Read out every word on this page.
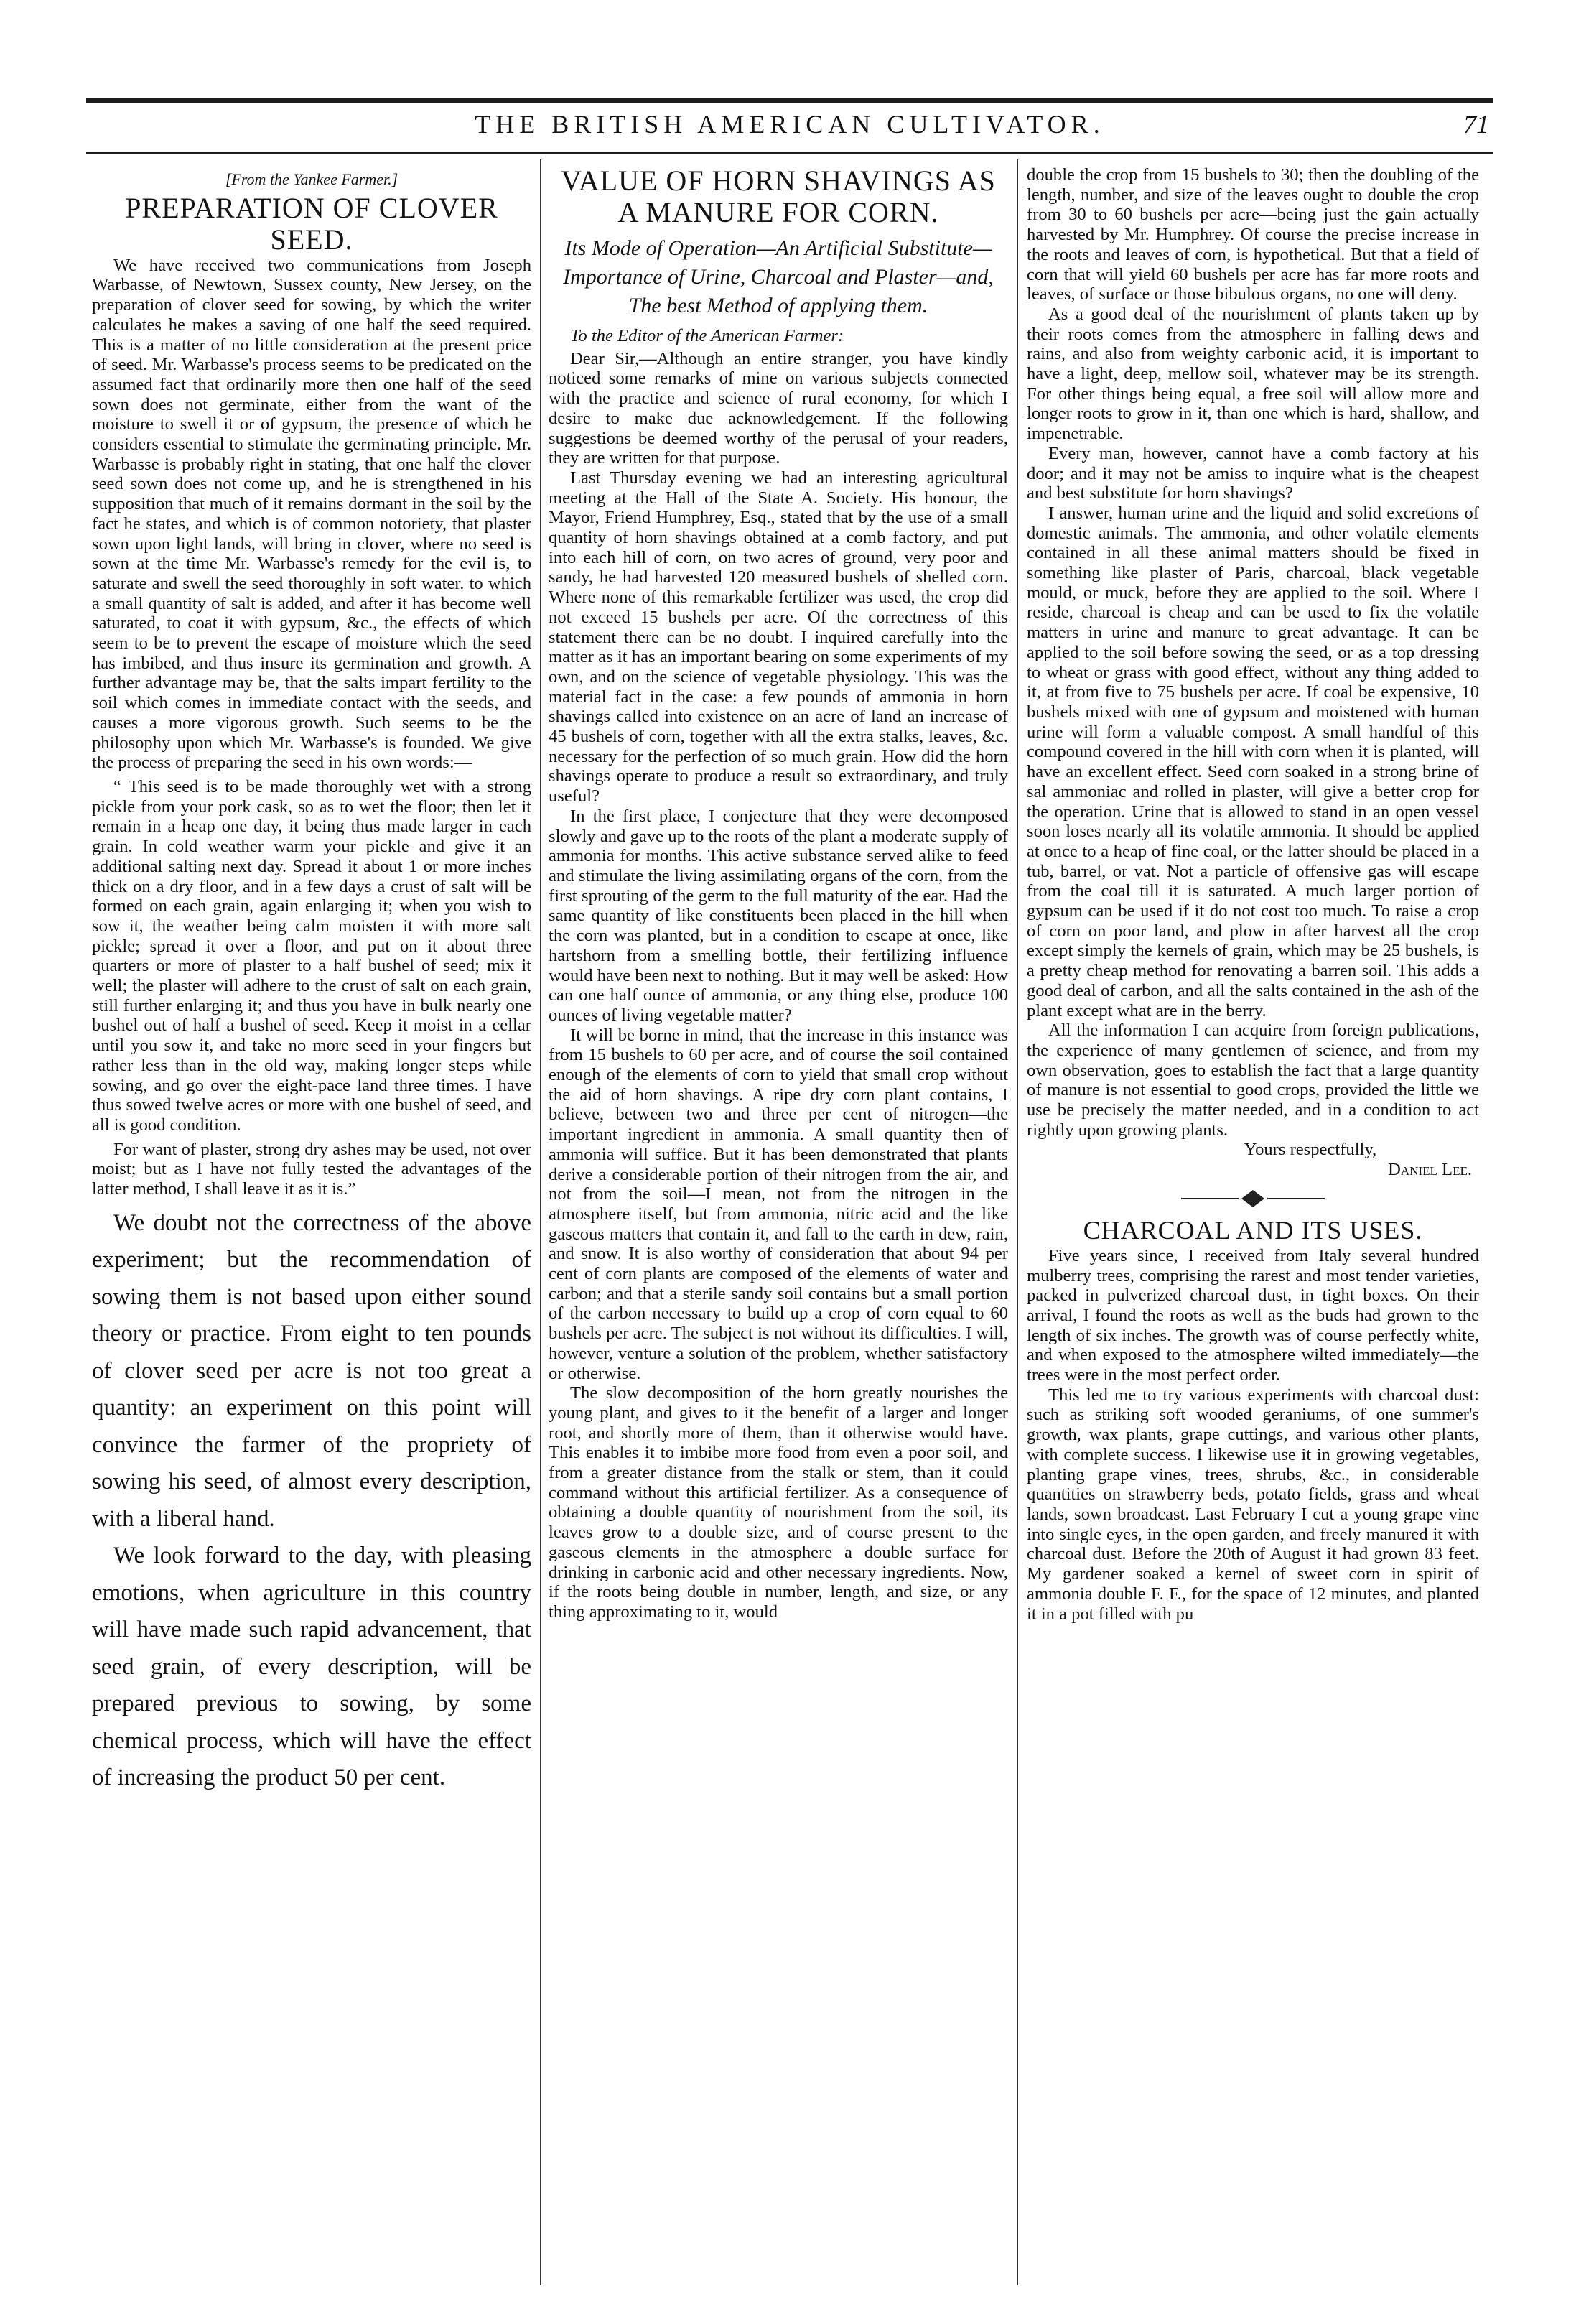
THE BRITISH AMERICAN CULTIVATOR.	71

[From the Yankee Farmer.]

PREPARATION OF CLOVER SEED.

We have received two communications from Joseph Warbasse, of Newtown, Sussex county, New Jersey, on the preparation of clover seed for sowing, by which the writer calculates he makes a saving of one half the seed required. This is a matter of no little consideration at the present price of seed. Mr. Warbasse's process seems to be predicated on the assumed fact that ordinarily more then one half of the seed sown does not germinate, either from the want of the moisture to swell it or of gypsum, the presence of which he considers essential to stimulate the germinating principle. Mr. Warbasse is probably right in stating, that one half the clover seed sown does not come up, and he is strengthened in his supposition that much of it remains dormant in the soil by the fact he states, and which is of common notoriety, that plaster sown upon light lands, will bring in clover, where no seed is sown at the time Mr. Warbasse's remedy for the evil is, to saturate and swell the seed thoroughly in soft water. to which a small quantity of salt is added, and after it has become well saturated, to coat it with gypsum, &c., the effects of which seem to be to prevent the escape of moisture which the seed has imbibed, and thus insure its germination and growth. A further advantage may be, that the salts impart fertility to the soil which comes in immediate contact with the seeds, and causes a more vigorous growth. Such seems to be the philosophy upon which Mr. Warbasse's is founded. We give the process of preparing the seed in his own words:—

“ This seed is to be made thoroughly wet with a strong pickle from your pork cask, so as to wet the floor; then let it remain in a heap one day, it being thus made larger in each grain. In cold weather warm your pickle and give it an additional salting next day. Spread it about 1 or more inches thick on a dry floor, and in a few days a crust of salt will be formed on each grain, again enlarging it; when you wish to sow it, the weather being calm moisten it with more salt pickle; spread it over a floor, and put on it about three quarters or more of plaster to a half bushel of seed; mix it well; the plaster will adhere to the crust of salt on each grain, still further enlarging it; and thus you have in bulk nearly one bushel out of half a bushel of seed. Keep it moist in a cellar until you sow it, and take no more seed in your fingers but rather less than in the old way, making longer steps while sowing, and go over the eight-pace land three times. I have thus sowed twelve acres or more with one bushel of seed, and all is good condition.

For want of plaster, strong dry ashes may be used, not over moist; but as I have not fully tested the advantages of the latter method, I shall leave it as it is.”

We doubt not the correctness of the above experiment; but the recommendation of sowing them is not based upon either sound theory or practice. From eight to ten pounds of clover seed per acre is not too great a quantity: an experiment on this point will convince the farmer of the propriety of sowing his seed, of almost every description, with a liberal hand.

We look forward to the day, with pleasing emotions, when agriculture in this country will have made such rapid advancement, that seed grain, of every description, will be prepared previous to sowing, by some chemical process, which will have the effect of increasing the product 50 per cent.

VALUE OF HORN SHAVINGS AS A MANURE FOR CORN.

Its Mode of Operation—An Artificial Substitute—Importance of Urine, Charcoal and Plaster—and, The best Method of applying them.

To the Editor of the American Farmer:

Dear Sir,—Although an entire stranger, you have kindly noticed some remarks of mine on various subjects connected with the practice and science of rural economy, for which I desire to make due acknowledgement. If the following suggestions be deemed worthy of the perusal of your readers, they are written for that purpose.

Last Thursday evening we had an interesting agricultural meeting at the Hall of the State A. Society. His honour, the Mayor, Friend Humphrey, Esq., stated that by the use of a small quantity of horn shavings obtained at a comb factory, and put into each hill of corn, on two acres of ground, very poor and sandy, he had harvested 120 measured bushels of shelled corn. Where none of this remarkable fertilizer was used, the crop did not exceed 15 bushels per acre. Of the correctness of this statement there can be no doubt. I inquired carefully into the matter as it has an important bearing on some experiments of my own, and on the science of vegetable physiology. This was the material fact in the case: a few pounds of ammonia in horn shavings called into existence on an acre of land an increase of 45 bushels of corn, together with all the extra stalks, leaves, &c. necessary for the perfection of so much grain. How did the horn shavings operate to produce a result so extraordinary, and truly useful?

In the first place, I conjecture that they were decomposed slowly and gave up to the roots of the plant a moderate supply of ammonia for months. This active substance served alike to feed and stimulate the living assimilating organs of the corn, from the first sprouting of the germ to the full maturity of the ear. Had the same quantity of like constituents been placed in the hill when the corn was planted, but in a condition to escape at once, like hartshorn from a smelling bottle, their fertilizing influence would have been next to nothing. But it may well be asked: How can one half ounce of ammonia, or any thing else, produce 100 ounces of living vegetable matter?

It will be borne in mind, that the increase in this instance was from 15 bushels to 60 per acre, and of course the soil contained enough of the elements of corn to yield that small crop without the aid of horn shavings. A ripe dry corn plant contains, I believe, between two and three per cent of nitrogen—the important ingredient in ammonia. A small quantity then of ammonia will suffice. But it has been demonstrated that plants derive a considerable portion of their nitrogen from the air, and not from the soil—I mean, not from the nitrogen in the atmosphere itself, but from ammonia, nitric acid and the like gaseous matters that contain it, and fall to the earth in dew, rain, and snow. It is also worthy of consideration that about 94 per cent of corn plants are composed of the elements of water and carbon; and that a sterile sandy soil contains but a small portion of the carbon necessary to build up a crop of corn equal to 60 bushels per acre. The subject is not without its difficulties. I will, however, venture a solution of the problem, whether satisfactory or otherwise.

The slow decomposition of the horn greatly nourishes the young plant, and gives to it the benefit of a larger and longer root, and shortly more of them, than it otherwise would have. This enables it to imbibe more food from even a poor soil, and from a greater distance from the stalk or stem, than it could command without this artificial fertilizer. As a consequence of obtaining a double quantity of nourishment from the soil, its leaves grow to a double size, and of course present to the gaseous elements in the atmosphere a double surface for drinking in carbonic acid and other necessary ingredients. Now, if the roots being double in number, length, and size, or any thing approximating to it, would

double the crop from 15 bushels to 30; then the doubling of the length, number, and size of the leaves ought to double the crop from 30 to 60 bushels per acre—being just the gain actually harvested by Mr. Humphrey. Of course the precise increase in the roots and leaves of corn, is hypothetical. But that a field of corn that will yield 60 bushels per acre has far more roots and leaves, of surface or those bibulous organs, no one will deny.

As a good deal of the nourishment of plants taken up by their roots comes from the atmosphere in falling dews and rains, and also from weighty carbonic acid, it is important to have a light, deep, mellow soil, whatever may be its strength. For other things being equal, a free soil will allow more and longer roots to grow in it, than one which is hard, shallow, and impenetrable.

Every man, however, cannot have a comb factory at his door; and it may not be amiss to inquire what is the cheapest and best substitute for horn shavings?

I answer, human urine and the liquid and solid excretions of domestic animals. The ammonia, and other volatile elements contained in all these animal matters should be fixed in something like plaster of Paris, charcoal, black vegetable mould, or muck, before they are applied to the soil. Where I reside, charcoal is cheap and can be used to fix the volatile matters in urine and manure to great advantage. It can be applied to the soil before sowing the seed, or as a top dressing to wheat or grass with good effect, without any thing added to it, at from five to 75 bushels per acre. If coal be expensive, 10 bushels mixed with one of gypsum and moistened with human urine will form a valuable compost. A small handful of this compound covered in the hill with corn when it is planted, will have an excellent effect. Seed corn soaked in a strong brine of sal ammoniac and rolled in plaster, will give a better crop for the operation. Urine that is allowed to stand in an open vessel soon loses nearly all its volatile ammonia. It should be applied at once to a heap of fine coal, or the latter should be placed in a tub, barrel, or vat. Not a particle of offensive gas will escape from the coal till it is saturated. A much larger portion of gypsum can be used if it do not cost too much. To raise a crop of corn on poor land, and plow in after harvest all the crop except simply the kernels of grain, which may be 25 bushels, is a pretty cheap method for renovating a barren soil. This adds a good deal of carbon, and all the salts contained in the ash of the plant except what are in the berry.

All the information I can acquire from foreign publications, the experience of many gentlemen of science, and from my own observation, goes to establish the fact that a large quantity of manure is not essential to good crops, provided the little we use be precisely the matter needed, and in a condition to act rightly upon growing plants.

Yours respectfully,

Daniel Lee.

CHARCOAL AND ITS USES.

Five years since, I received from Italy several hundred mulberry trees, comprising the rarest and most tender varieties, packed in pulverized charcoal dust, in tight boxes. On their arrival, I found the roots as well as the buds had grown to the length of six inches. The growth was of course perfectly white, and when exposed to the atmosphere wilted immediately—the trees were in the most perfect order.

This led me to try various experiments with charcoal dust: such as striking soft wooded geraniums, of one summer's growth, wax plants, grape cuttings, and various other plants, with complete success. I likewise use it in growing vegetables, planting grape vines, trees, shrubs, &c., in considerable quantities on strawberry beds, potato fields, grass and wheat lands, sown broadcast. Last February I cut a young grape vine into single eyes, in the open garden, and freely manured it with charcoal dust. Before the 20th of August it had grown 83 feet. My gardener soaked a kernel of sweet corn in spirit of ammonia double F. F., for the space of 12 minutes, and planted it in a pot filled with pu
